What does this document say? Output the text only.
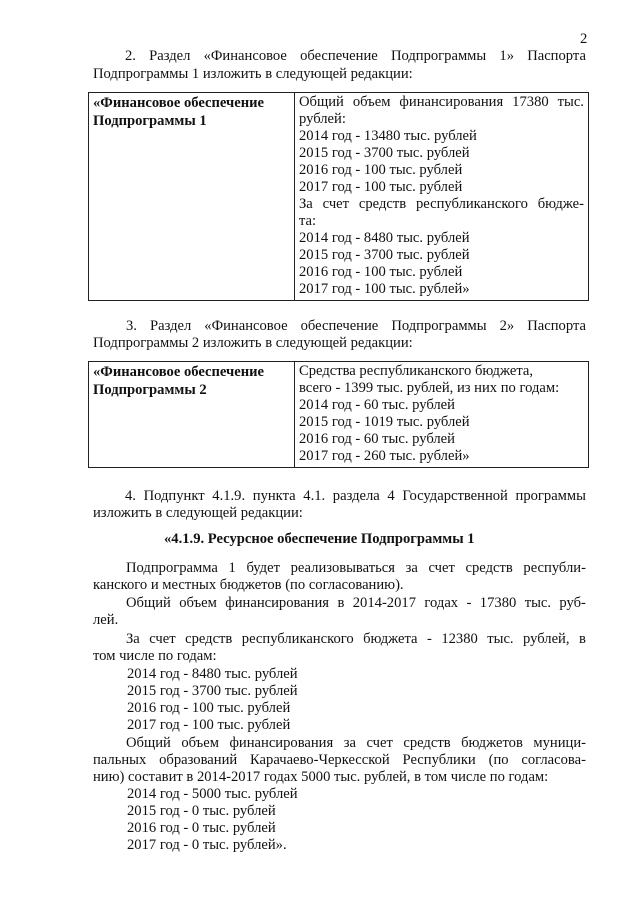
2
2. Раздел «Финансовое обеспечение Подпрограммы 1» Паспорта
Подпрограммы 1 изложить в следующей редакции:
«Финансовое обеспечение
Подпрограммы 1

Общий объем финансирования 17380 тыс.
рублей:
2014 год - 13480 тыс. рублей
2015 год - 3700 тыс. рублей
2016 год - 100 тыс. рублей
2017 год - 100 тыс. рублей
За счет средств республиканского бюдже-
та:
2014 год - 8480 тыс. рублей
2015 год - 3700 тыс. рублей
2016 год - 100 тыс. рублей
2017 год - 100 тыс. рублей»
3. Раздел «Финансовое обеспечение Подпрограммы 2» Паспорта
Подпрограммы 2 изложить в следующей редакции:
«Финансовое обеспечение
Подпрограммы 2

Средства республиканского бюджета,
всего - 1399 тыс. рублей, из них по годам:
2014 год - 60 тыс. рублей
2015 год - 1019 тыс. рублей
2016 год - 60 тыс. рублей
2017 год - 260 тыс. рублей»
4. Подпункт 4.1.9. пункта 4.1. раздела 4 Государственной программы
изложить в следующей редакции:
«4.1.9. Ресурсное обеспечение Подпрограммы 1
Подпрограмма 1 будет реализовываться за счет средств республи-
канского и местных бюджетов (по согласованию).
Общий объем финансирования в 2014-2017 годах - 17380 тыс. руб-
лей.
За счет средств республиканского бюджета - 12380 тыс. рублей, в
том числе по годам:
2014 год - 8480 тыс. рублей
2015 год - 3700 тыс. рублей
2016 год - 100 тыс. рублей
2017 год - 100 тыс. рублей
Общий объем финансирования за счет средств бюджетов муници-
пальных образований Карачаево-Черкесской Республики (по согласова-
нию) составит в 2014-2017 годах 5000 тыс. рублей, в том числе по годам:
2014 год - 5000 тыс. рублей
2015 год - 0 тыс. рублей
2016 год - 0 тыс. рублей
2017 год - 0 тыс. рублей».
